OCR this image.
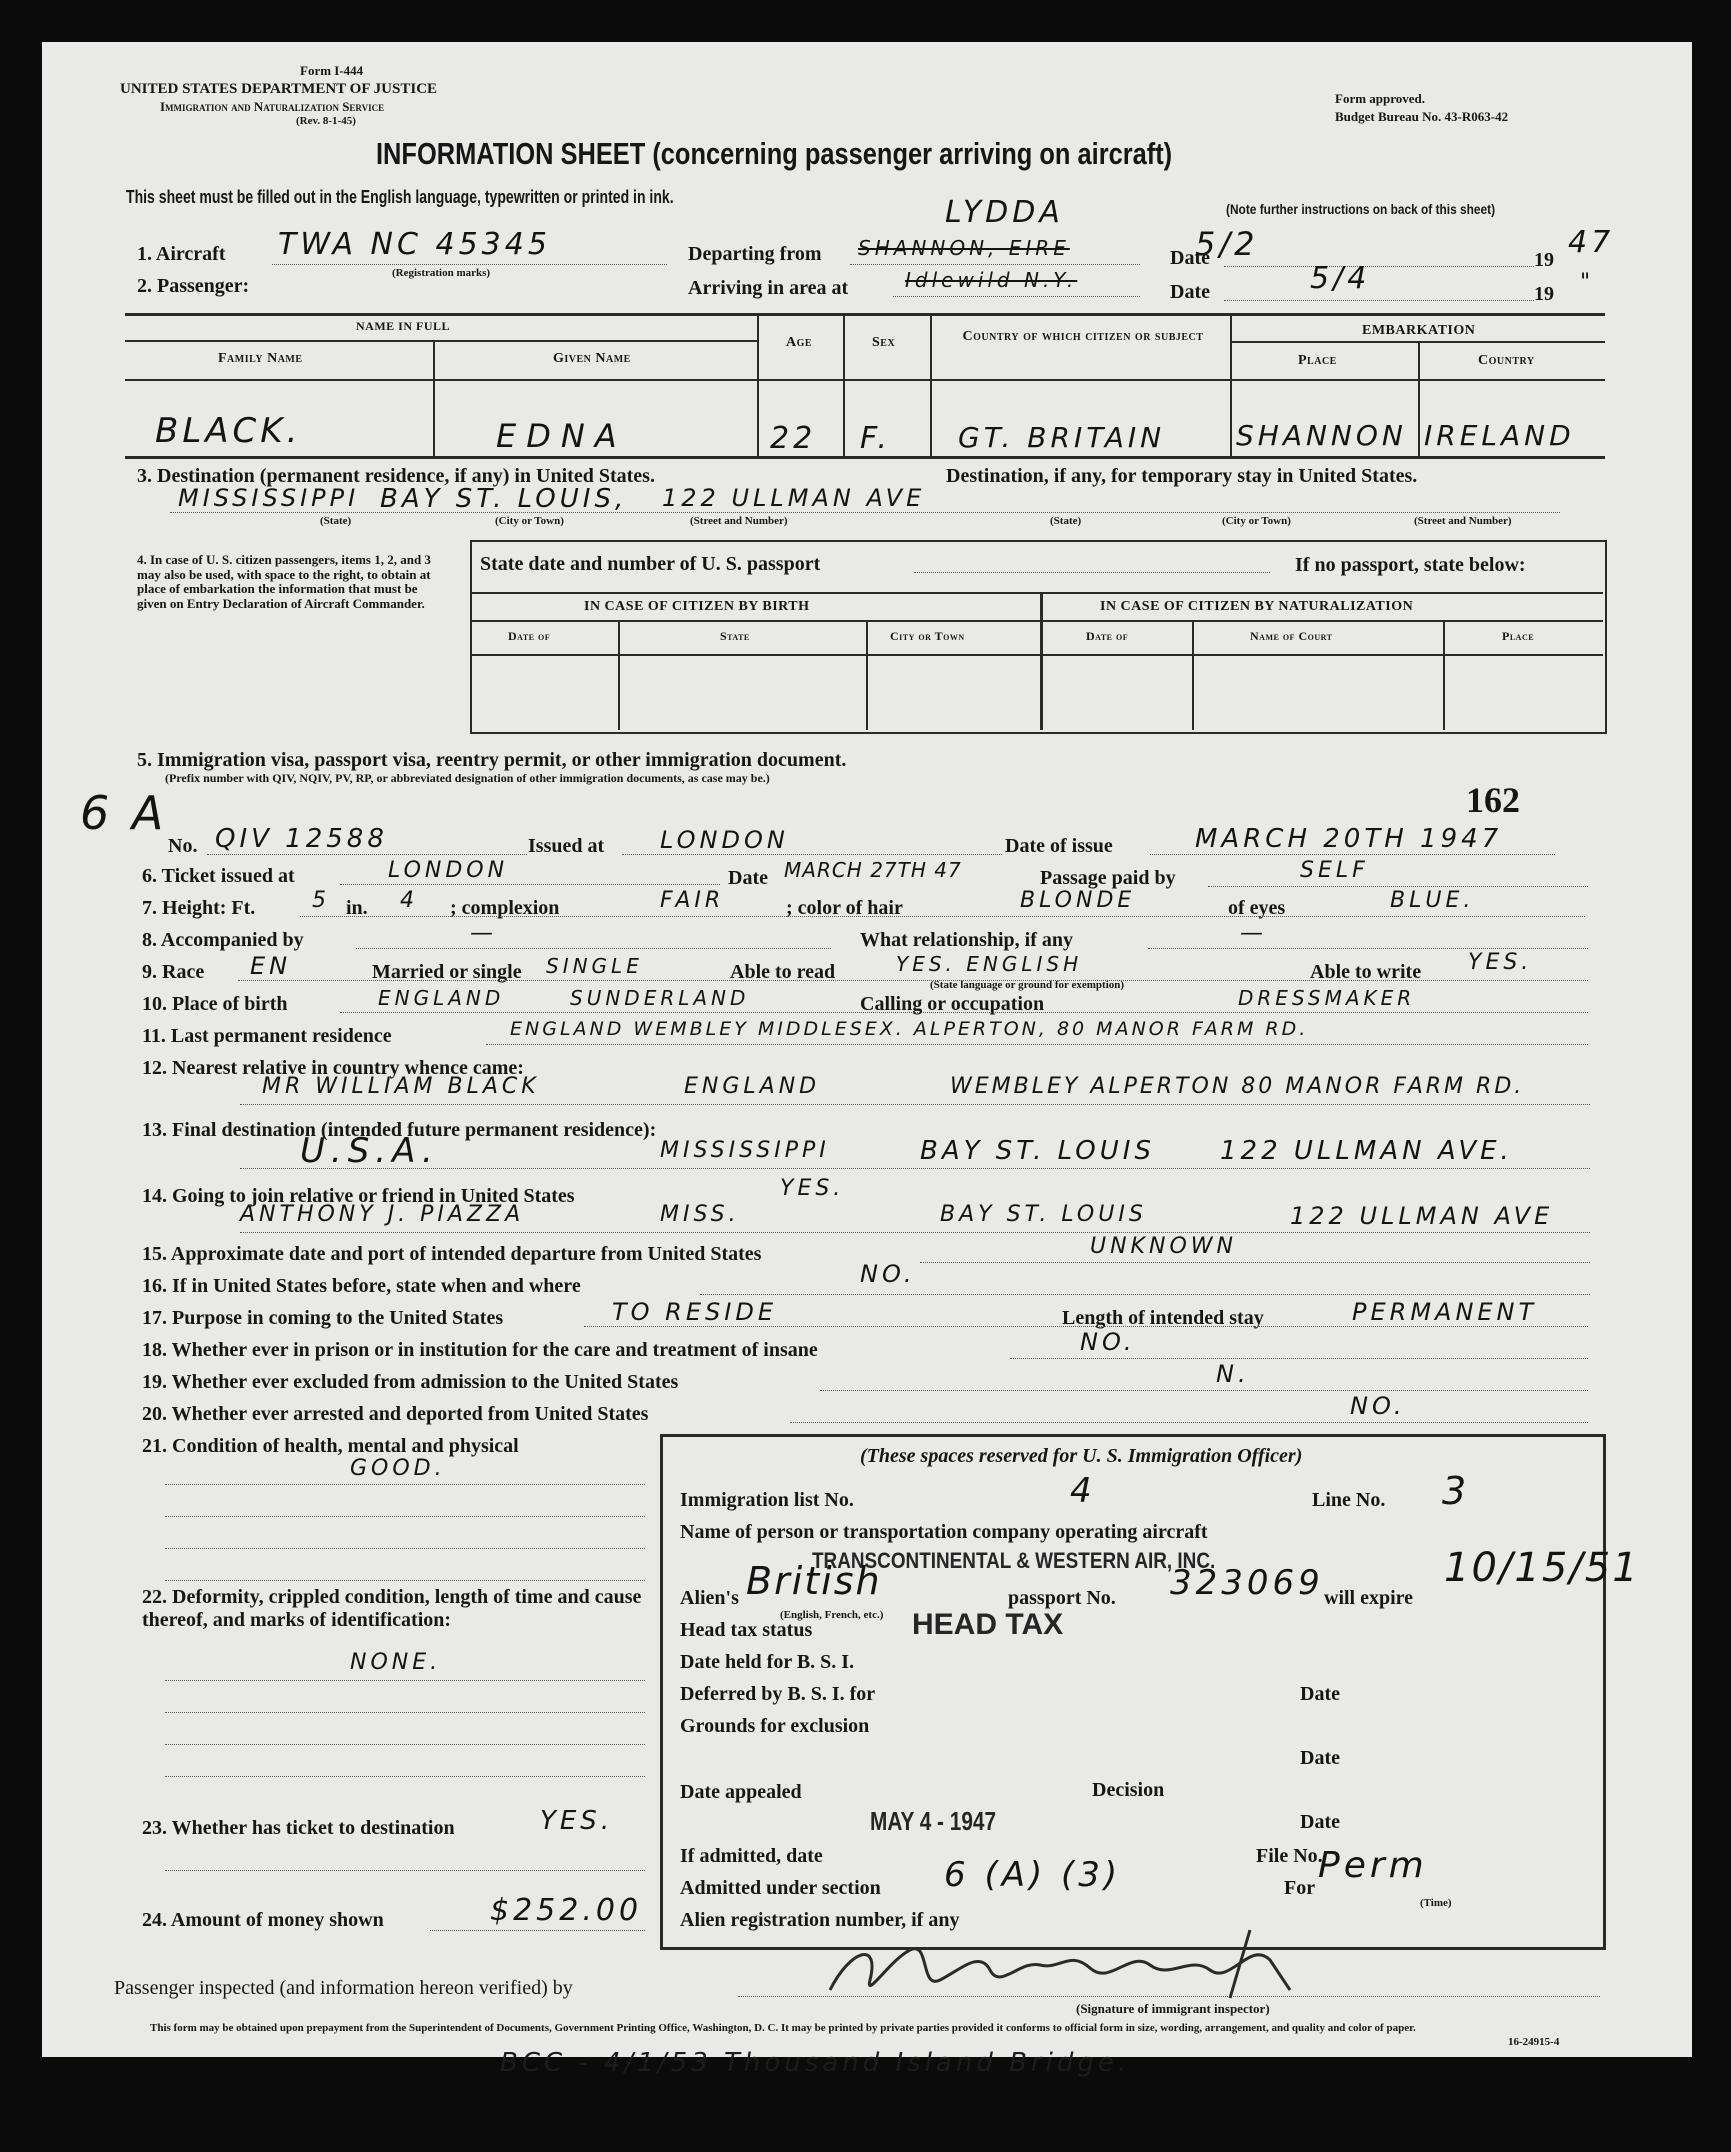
Form I-444
UNITED STATES DEPARTMENT OF JUSTICE
Immigration and Naturalization Service
(Rev. 8-1-45)
Form approved.
Budget Bureau No. 43-R063-42
INFORMATION SHEET (concerning passenger arriving on aircraft)
This sheet must be filled out in the English language, typewritten or printed in ink.
(Note further instructions on back of this sheet)
1. Aircraft TWA NC 45345
(Registration marks)
Departing from SHANNON, EIRE
LYDDA
Date
5/2	19 47
2. Passenger:	Arriving in area at	Idlewild N.Y.	Date	5/4	19 "
NAME IN FULL
Family Name	Given Name
Age	Sex	Country of which citizen or subject	EMBARKATION
Place	Country
BLACK.	EDNA	22 F. GT. BRITAIN	SHANNON IRELAND
3. Destination (permanent residence, if any) in United States.	Destination, if any, for temporary stay in United States.
MISSISSIPPI BAY ST. LOUIS, 122 ULLMAN AVE
(State)	(City or Town)	(Street and Number)	(State)	(City or Town)	(Street and Number)
4. In case of U. S. citizen passengers, items 1, 2, and 3 may also be used, with space to the right, to obtain at place of embarkation the information that must be given on Entry Declaration of Aircraft Commander.
State date and number of U. S. passport	If no passport, state below:
IN CASE OF CITIZEN BY BIRTH	IN CASE OF CITIZEN BY NATURALIZATION
Date of	State	City or Town	Date of	Name of Court	Place
5. Immigration visa, passport visa, reentry permit, or other immigration document.
(Prefix number with QIV, NQIV, PV, RP, or abbreviated designation of other immigration documents, as case may be.)
6 A	162
No. QIV 12588	Issued at LONDON	Date of issue	MARCH 20TH 1947
6. Ticket issued at	LONDON	Date MARCH 27TH 47	Passage paid by	SELF
7. Height: Ft.	5 in. 4 ; complexion	FAIR	; color of hair	BLONDE	of eyes	BLUE.
8. Accompanied by	—	What relationship, if any	—
9. Race EN	Married or single SINGLE	Able to read	YES. ENGLISH
(State language or ground for exemption)
Able to write YES.
10. Place of birth	ENGLAND	SUNDERLAND	Calling or occupation	DRESSMAKER
11. Last permanent residence	ENGLAND WEMBLEY MIDDLESEX. ALPERTON, 80 MANOR FARM RD.
12. Nearest relative in country whence came:
MR WILLIAM BLACK	ENGLAND	WEMBLEY ALPERTON 80 MANOR FARM RD.
13. Final destination (intended future permanent residence):
U.S.A.	MISSISSIPPI	BAY ST. LOUIS	122 ULLMAN AVE.
14. Going to join relative or friend in United States	YES.
ANTHONY J. PIAZZA	MISS.	BAY ST. LOUIS	122 ULLMAN AVE
15. Approximate date and port of intended departure from United States	UNKNOWN
16. If in United States before, state when and where	NO.
17. Purpose in coming to the United States	TO RESIDE	Length of intended stay	PERMANENT
18. Whether ever in prison or in institution for the care and treatment of insane	NO.
19. Whether ever excluded from admission to the United States	N.
20. Whether ever arrested and deported from United States	NO.
21. Condition of health, mental and physical
GOOD.
22. Deformity, crippled condition, length of time and cause thereof, and marks of identification:
NONE.
23. Whether has ticket to destination	YES.
24. Amount of money shown	$252.00
(These spaces reserved for U. S. Immigration Officer)
Immigration list No.	4	Line No. 3
Name of person or transportation company operating aircraft
TRANSCONTINENTAL & WESTERN AIR, INC.
Alien's British
(English, French, etc.)
passport No. 323069 will expire
10/15/51
Head tax status	HEAD TAX
Date held for B. S. I.
Deferred by B. S. I. for	Date
Grounds for exclusion
Date
Date appealed	Decision
MAY 4 - 1947	Date
If admitted, date	File No.
Admitted under section 6 (A) (3)	For
Perm
(Time)
Alien registration number, if any
Passenger inspected (and information hereon verified) by
(Signature of immigrant inspector)
This form may be obtained upon prepayment from the Superintendent of Documents, Government Printing Office, Washington, D. C. It may be printed by private parties provided it conforms to official form in size, wording, arrangement, and quality and color of paper.
16-24915-4
BCC - 4/1/53 Thousand Island Bridge.
